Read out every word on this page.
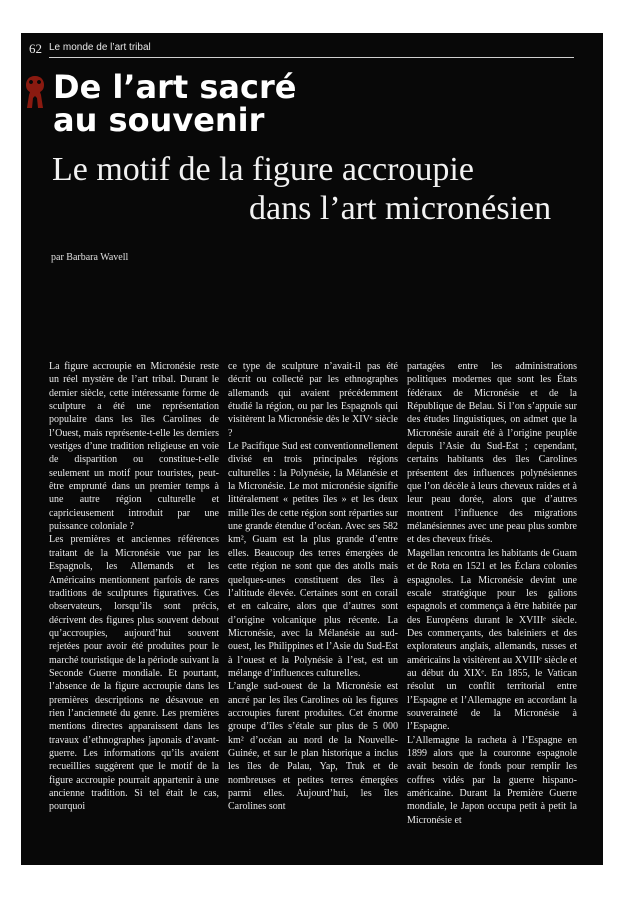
62 Le monde de l’art tribal
De l’art sacré
au souvenir
Le motif de la figure accroupie
dans l’art micronésien
par Barbara Wavell

La figure accroupie en Micronésie reste un réel mystère de l’art tribal. Durant le dernier siècle, cette intéressante forme de sculpture a été une représentation populaire dans les îles Carolines de l’Ouest, mais représente-t-elle les derniers vestiges d’une tradition religieuse en voie de disparition ou constitue-t-elle seulement un motif pour touristes, peut-être emprunté dans un premier temps à une autre région culturelle et capricieusement introduit par une puissance coloniale ?

Les premières et anciennes références traitant de la Micronésie vue par les Espagnols, les Allemands et les Américains mentionnent parfois de rares traditions de sculptures figuratives. Ces observateurs, lorsqu’ils sont précis, décrivent des figures plus souvent debout qu’accroupies, aujourd’hui souvent rejetées pour avoir été produites pour le marché touristique de la période suivant la Seconde Guerre mondiale. Et pourtant, l’absence de la figure accroupie dans les premières descriptions ne désavoue en rien l’ancienneté du genre. Les premières mentions directes apparaissent dans les travaux d’ethnographes japonais d’avant-guerre. Les informations qu’ils avaient recueillies suggèrent que le motif de la figure accroupie pourrait appartenir à une ancienne tradition. Si tel était le cas, pourquoi

ce type de sculpture n’avait-il pas été décrit ou collecté par les ethnographes allemands qui avaient précédemment étudié la région, ou par les Espagnols qui visitèrent la Micronésie dès le XIVᵉ siècle ?

Le Pacifique Sud est conventionnellement divisé en trois principales régions culturelles : la Polynésie, la Mélanésie et la Micronésie. Le mot micronésie signifie littéralement « petites îles » et les deux mille îles de cette région sont réparties sur une grande étendue d’océan. Avec ses 582 km², Guam est la plus grande d’entre elles. Beaucoup des terres émergées de cette région ne sont que des atolls mais quelques-unes constituent des îles à l’altitude élevée. Certaines sont en corail et en calcaire, alors que d’autres sont d’origine volcanique plus récente. La Micronésie, avec la Mélanésie au sud-ouest, les Philippines et l’Asie du Sud-Est à l’ouest et la Polynésie à l’est, est un mélange d’influences culturelles.

L’angle sud-ouest de la Micronésie est ancré par les îles Carolines où les figures accroupies furent produites. Cet énorme groupe d’îles s’étale sur plus de 5 000 km² d’océan au nord de la Nouvelle-Guinée, et sur le plan historique a inclus les îles de Palau, Yap, Truk et de nombreuses et petites terres émergées parmi elles. Aujourd’hui, les îles Carolines sont

partagées entre les administrations politiques modernes que sont les États fédéraux de Micronésie et de la République de Belau. Si l’on s’appuie sur des études linguistiques, on admet que la Micronésie aurait été à l’origine peuplée depuis l’Asie du Sud-Est ; cependant, certains habitants des îles Carolines présentent des influences polynésiennes que l’on décèle à leurs cheveux raides et à leur peau dorée, alors que d’autres montrent l’influence des migrations mélanésiennes avec une peau plus sombre et des cheveux frisés.

Magellan rencontra les habitants de Guam et de Rota en 1521 et les Éclara colonies espagnoles. La Micronésie devint une escale stratégique pour les galions espagnols et commença à être habitée par des Européens durant le XVIIIᵉ siècle. Des commerçants, des baleiniers et des explorateurs anglais, allemands, russes et américains la visitèrent au XVIIIᵉ siècle et au début du XIXᵉ. En 1855, le Vatican résolut un conflit territorial entre l’Espagne et l’Allemagne en accordant la souveraineté de la Micronésie à l’Espagne.

L’Allemagne la racheta à l’Espagne en 1899 alors que la couronne espagnole avait besoin de fonds pour remplir les coffres vidés par la guerre hispano-américaine. Durant la Première Guerre mondiale, le Japon occupa petit à petit la Micronésie et
